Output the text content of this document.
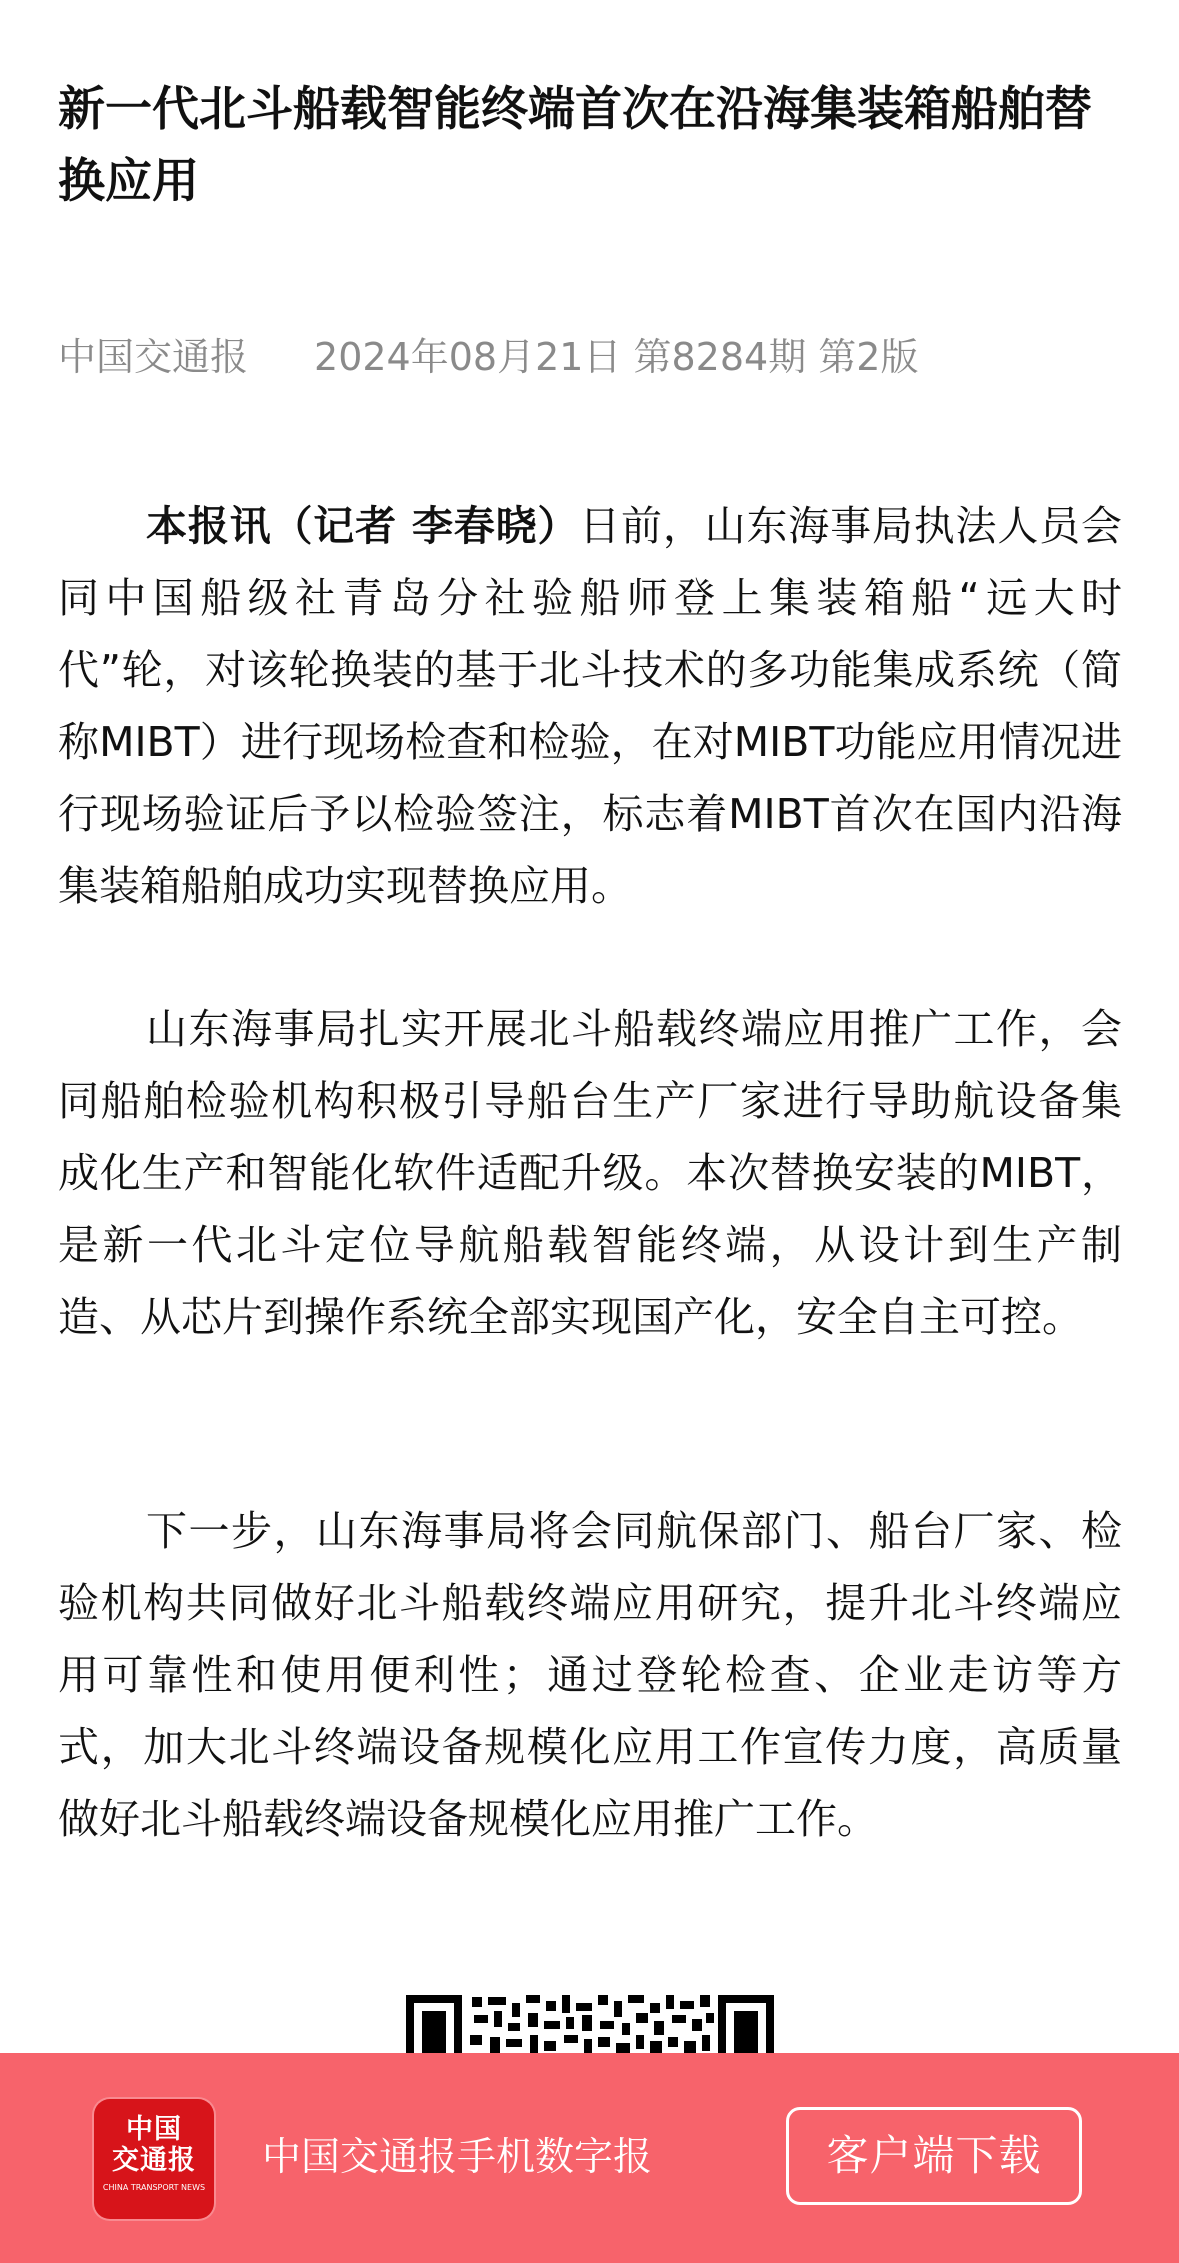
新一代北斗船载智能终端首次在沿海集装箱船舶替换应用
中国交通报 2024年08月21日 第8284期 第2版

本报讯（记者 李春晓）日前，山东海事局执法人员会同中国船级社青岛分社验船师登上集装箱船“远大时代”轮，对该轮换装的基于北斗技术的多功能集成系统（简称MIBT）进行现场检查和检验，在对MIBT功能应用情况进行现场验证后予以检验签注，标志着MIBT首次在国内沿海集装箱船舶成功实现替换应用。

山东海事局扎实开展北斗船载终端应用推广工作，会同船舶检验机构积极引导船台生产厂家进行导助航设备集成化生产和智能化软件适配升级。本次替换安装的MIBT，是新一代北斗定位导航船载智能终端，从设计到生产制造、从芯片到操作系统全部实现国产化，安全自主可控。

下一步，山东海事局将会同航保部门、船台厂家、检验机构共同做好北斗船载终端应用研究，提升北斗终端应用可靠性和使用便利性；通过登轮检查、企业走访等方式，加大北斗终端设备规模化应用工作宣传力度，高质量做好北斗船载终端设备规模化应用推广工作。

中国
交通报
CHINA TRANSPORT NEWS
中国交通报手机数字报	客户端下载
